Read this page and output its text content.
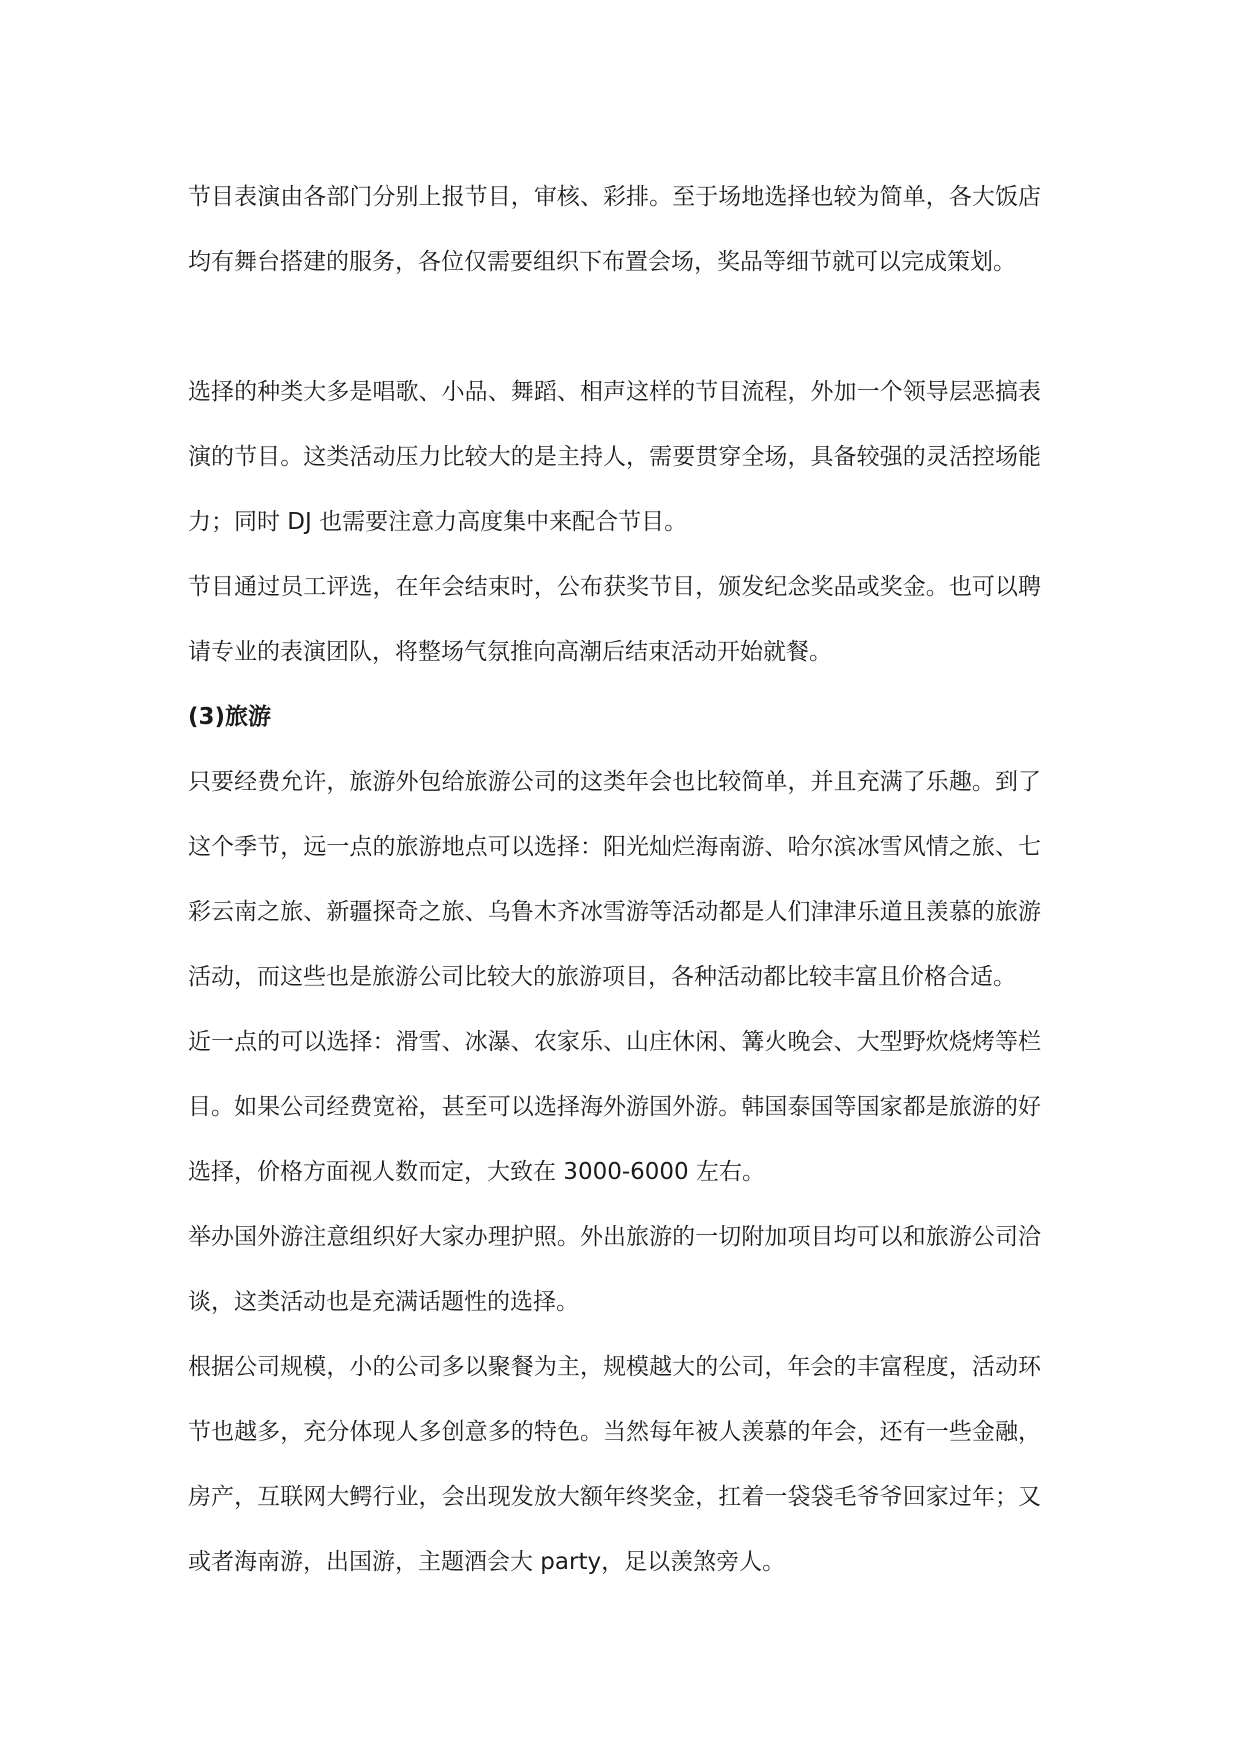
节目表演由各部门分别上报节目，审核、彩排。至于场地选择也较为简单，各大饭店
均有舞台搭建的服务，各位仅需要组织下布置会场，奖品等细节就可以完成策划。
选择的种类大多是唱歌、小品、舞蹈、相声这样的节目流程，外加一个领导层恶搞表
演的节目。这类活动压力比较大的是主持人，需要贯穿全场，具备较强的灵活控场能
力；同时 DJ 也需要注意力高度集中来配合节目。
节目通过员工评选，在年会结束时，公布获奖节目，颁发纪念奖品或奖金。也可以聘
请专业的表演团队，将整场气氛推向高潮后结束活动开始就餐。
(3)旅游
只要经费允许，旅游外包给旅游公司的这类年会也比较简单，并且充满了乐趣。到了
这个季节，远一点的旅游地点可以选择：阳光灿烂海南游、哈尔滨冰雪风情之旅、七
彩云南之旅、新疆探奇之旅、乌鲁木齐冰雪游等活动都是人们津津乐道且羡慕的旅游
活动，而这些也是旅游公司比较大的旅游项目，各种活动都比较丰富且价格合适。
近一点的可以选择：滑雪、冰瀑、农家乐、山庄休闲、篝火晚会、大型野炊烧烤等栏
目。如果公司经费宽裕，甚至可以选择海外游国外游。韩国泰国等国家都是旅游的好
选择，价格方面视人数而定，大致在 3000-6000 左右。
举办国外游注意组织好大家办理护照。外出旅游的一切附加项目均可以和旅游公司洽
谈，这类活动也是充满话题性的选择。
根据公司规模，小的公司多以聚餐为主，规模越大的公司，年会的丰富程度，活动环
节也越多，充分体现人多创意多的特色。当然每年被人羡慕的年会，还有一些金融，
房产，互联网大鳄行业，会出现发放大额年终奖金，扛着一袋袋毛爷爷回家过年；又
或者海南游，出国游，主题酒会大 party，足以羡煞旁人。
